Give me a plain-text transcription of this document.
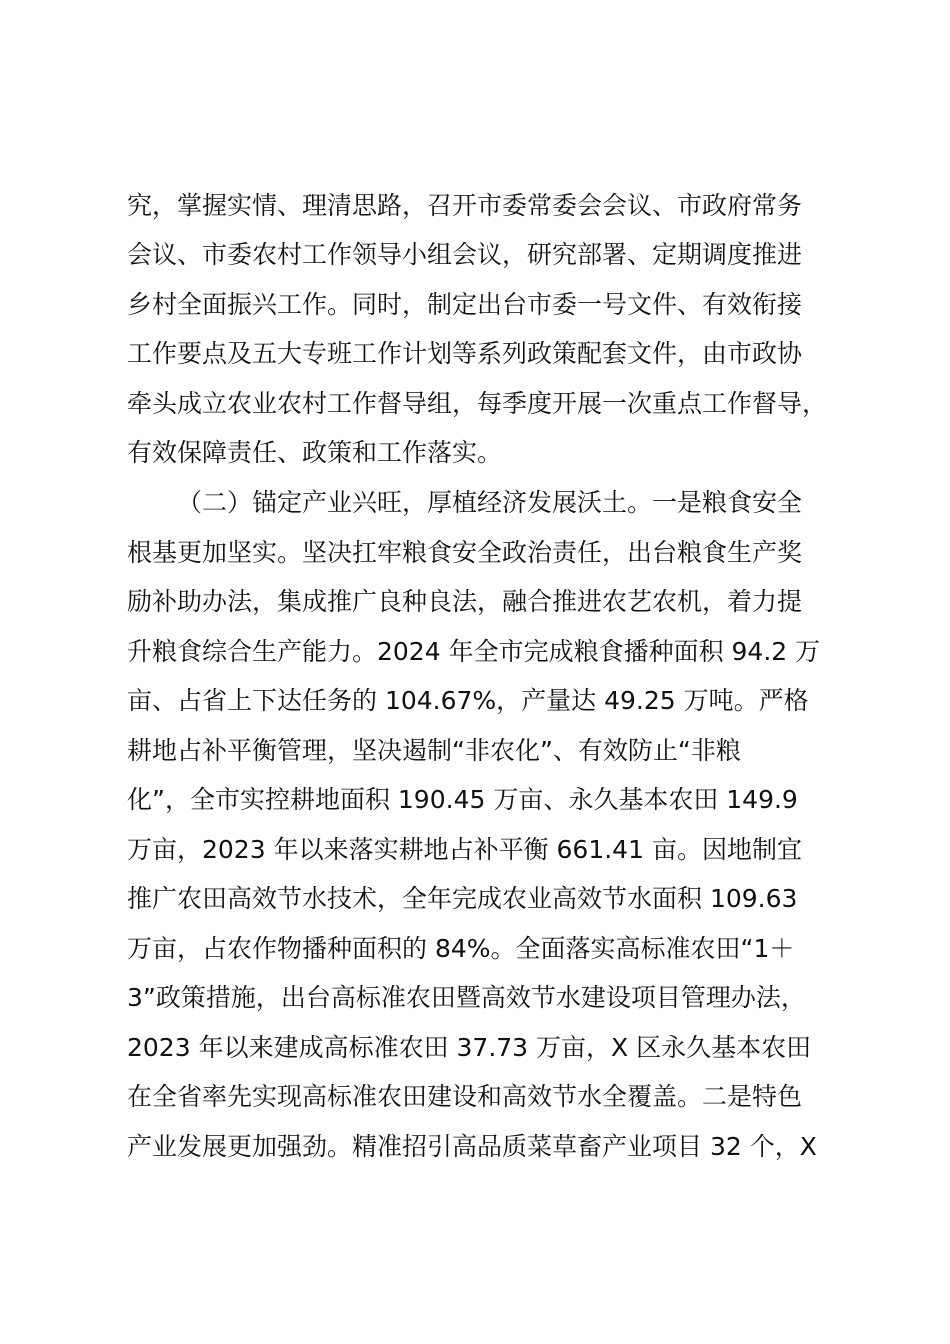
究，掌握实情、理清思路，召开市委常委会会议、市政府常务
会议、市委农村工作领导小组会议，研究部署、定期调度推进
乡村全面振兴工作。同时，制定出台市委一号文件、有效衔接
工作要点及五大专班工作计划等系列政策配套文件，由市政协
牵头成立农业农村工作督导组，每季度开展一次重点工作督导，
有效保障责任、政策和工作落实。
（二）锚定产业兴旺，厚植经济发展沃土。一是粮食安全
根基更加坚实。坚决扛牢粮食安全政治责任，出台粮食生产奖
励补助办法，集成推广良种良法，融合推进农艺农机，着力提
升粮食综合生产能力。2024 年全市完成粮食播种面积 94.2 万
亩、占省上下达任务的 104.67%，产量达 49.25 万吨。严格
耕地占补平衡管理，坚决遏制“非农化”、有效防止“非粮
化”，全市实控耕地面积 190.45 万亩、永久基本农田 149.9
万亩，2023 年以来落实耕地占补平衡 661.41 亩。因地制宜
推广农田高效节水技术，全年完成农业高效节水面积 109.63
万亩，占农作物播种面积的 84%。全面落实高标准农田“1＋
3”政策措施，出台高标准农田暨高效节水建设项目管理办法，
2023 年以来建成高标准农田 37.73 万亩，X 区永久基本农田
在全省率先实现高标准农田建设和高效节水全覆盖。二是特色
产业发展更加强劲。精准招引高品质菜草畜产业项目 32 个，X
